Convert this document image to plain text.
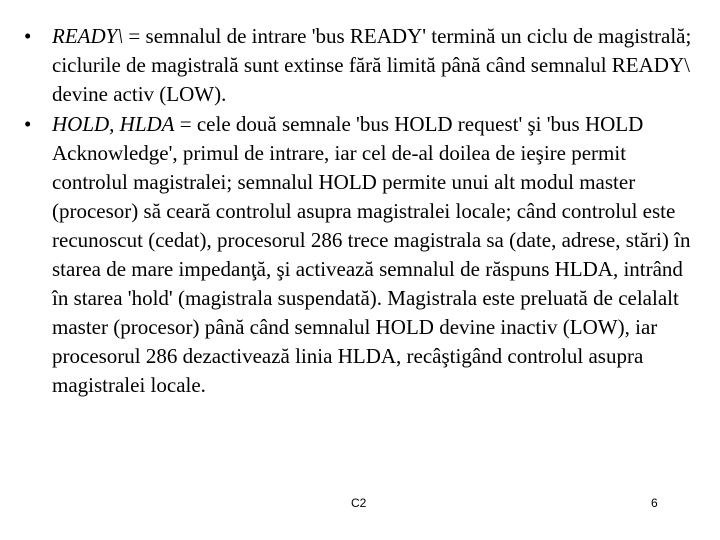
• READY\ = semnalul de intrare 'bus READY' termină un ciclu de magistrală; ciclurile de magistrală sunt extinse fără limită până când semnalul READY\ devine activ (LOW).
• HOLD, HLDA = cele două semnale 'bus HOLD request' şi 'bus HOLD Acknowledge', primul de intrare, iar cel de-al doilea de ieşire permit controlul magistralei; semnalul HOLD permite unui alt modul master (procesor) să ceară controlul asupra magistralei locale; când controlul este recunoscut (cedat), procesorul 286 trece magistrala sa (date, adrese, stări) în starea de mare impedanţă, şi activează semnalul de răspuns HLDA, intrând în starea 'hold' (magistrala suspendată). Magistrala este preluată de celalalt master (procesor) până când semnalul HOLD devine inactiv (LOW), iar procesorul 286 dezactivează linia HLDA, recâştigând controlul asupra magistralei locale.
C2	6
